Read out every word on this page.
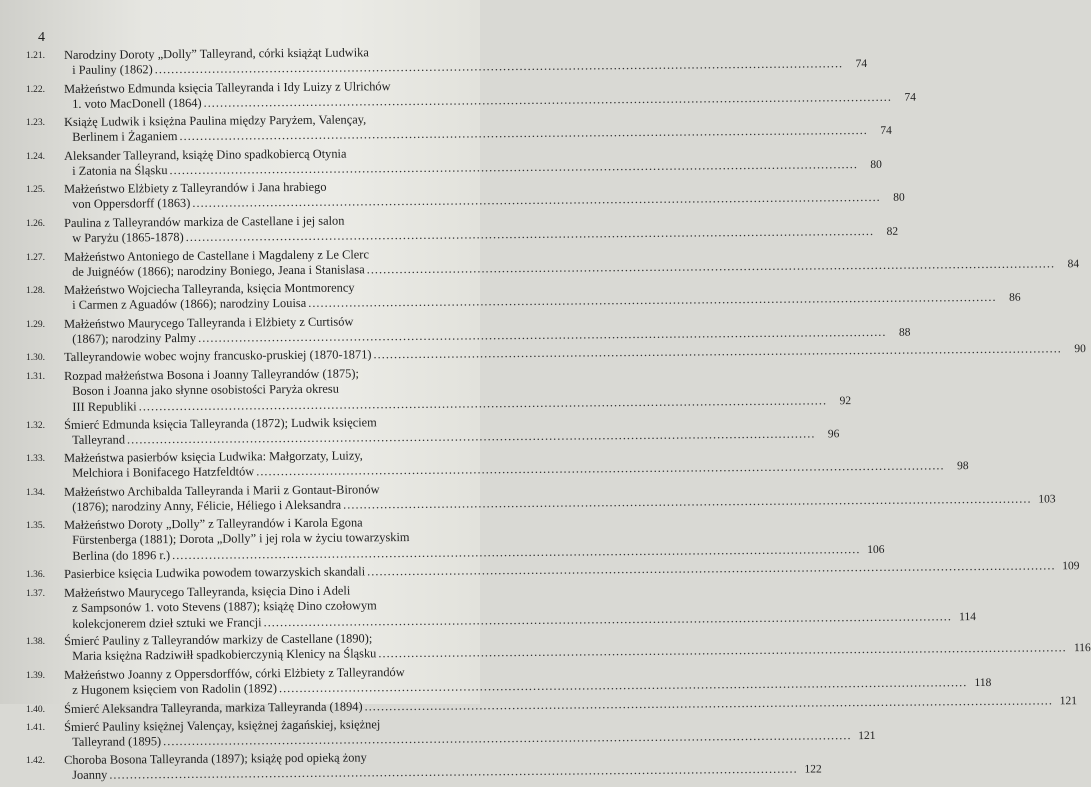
4
1.21.	Narodziny Doroty „Dolly” Talleyrand, córki książąt Ludwika
i Pauliny (1862) .....	74
1.22.	Małżeństwo Edmunda księcia Talleyranda i Idy Luizy z Ulrichów
1. voto MacDonell (1864) .....	74
1.23.	Książę Ludwik i księżna Paulina między Paryżem, Valençay,
Berlinem i Żaganiem .....	74
1.24.	Aleksander Talleyrand, książę Dino spadkobiercą Otynia
i Zatonia na Śląsku .....	80
1.25.	Małżeństwo Elżbiety z Talleyrandów i Jana hrabiego
von Oppersdorff (1863) .....	80
1.26.	Paulina z Talleyrandów markiza de Castellane i jej salon
w Paryżu (1865-1878) .....	82
1.27.	Małżeństwo Antoniego de Castellane i Magdaleny z Le Clerc
de Juignéów (1866); narodziny Boniego, Jeana i Stanislasa .....	84
1.28.	Małżeństwo Wojciecha Talleyranda, księcia Montmorency
i Carmen z Aguadów (1866); narodziny Louisa .....	86
1.29.	Małżeństwo Maurycego Talleyranda i Elżbiety z Curtisów
(1867); narodziny Palmy .....	88
1.30.	Talleyrandowie wobec wojny francusko-pruskiej (1870-1871) .....	90
1.31.	Rozpad małżeństwa Bosona i Joanny Talleyrandów (1875);
Boson i Joanna jako słynne osobistości Paryża okresu
III Republiki .....	92
1.32.	Śmierć Edmunda księcia Talleyranda (1872); Ludwik księciem
Talleyrand .....	96
1.33.	Małżeństwa pasierbów księcia Ludwika: Małgorzaty, Luizy,
Melchiora i Bonifacego Hatzfeldtów .....	98
1.34.	Małżeństwo Archibalda Talleyranda i Marii z Gontaut-Bironów
(1876); narodziny Anny, Félicie, Héliego i Aleksandra .....	103
1.35.	Małżeństwo Doroty „Dolly” z Talleyrandów i Karola Egona
Fürstenberga (1881); Dorota „Dolly” i jej rola w życiu towarzyskim
Berlina (do 1896 r.) .....	106
1.36.	Pasierbice księcia Ludwika powodem towarzyskich skandali .....	109
1.37.	Małżeństwo Maurycego Talleyranda, księcia Dino i Adeli
z Sampsonów 1. voto Stevens (1887); książę Dino czołowym
kolekcjonerem dzieł sztuki we Francji .....	114
1.38.	Śmierć Pauliny z Talleyrandów markizy de Castellane (1890);
Maria księżna Radziwiłł spadkobierczynią Klenicy na Śląsku .....	116
1.39.	Małżeństwo Joanny z Oppersdorffów, córki Elżbiety z Talleyrandów
z Hugonem księciem von Radolin (1892) .....	118
1.40.	Śmierć Aleksandra Talleyranda, markiza Talleyranda (1894) .....	121
1.41.	Śmierć Pauliny księżnej Valençay, księżnej żagańskiej, księżnej
Talleyrand (1895) .....	121
1.42.	Choroba Bosona Talleyranda (1897); książę pod opieką żony
Joanny .....	122
